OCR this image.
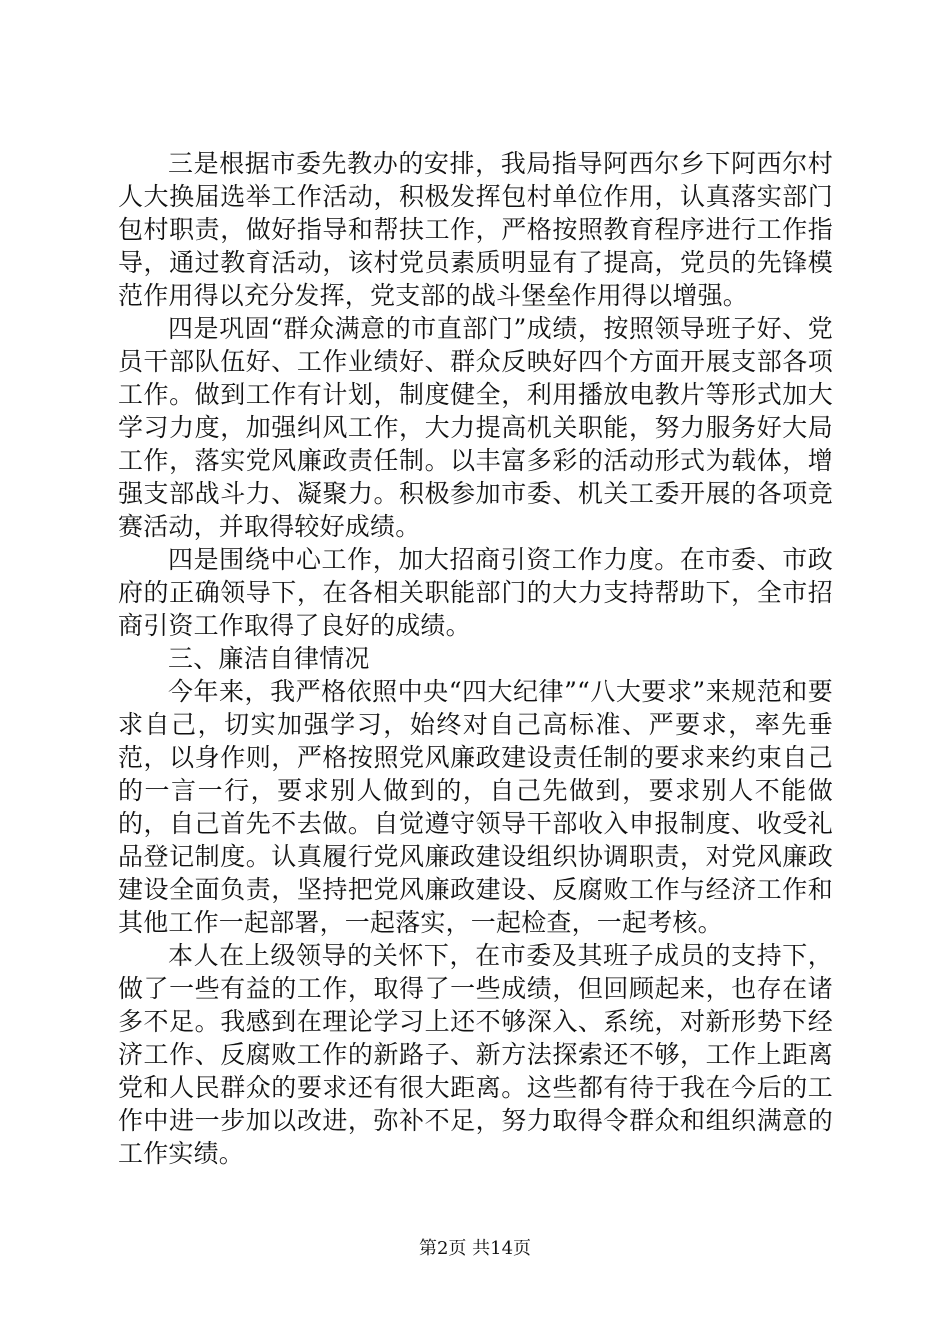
三是根据市委先教办的安排，我局指导阿西尔乡下阿西尔村人大换届选举工作活动，积极发挥包村单位作用，认真落实部门包村职责，做好指导和帮扶工作，严格按照教育程序进行工作指导，通过教育活动，该村党员素质明显有了提高，党员的先锋模范作用得以充分发挥，党支部的战斗堡垒作用得以增强。

四是巩固“群众满意的市直部门”成绩，按照领导班子好、党员干部队伍好、工作业绩好、群众反映好四个方面开展支部各项工作。做到工作有计划，制度健全，利用播放电教片等形式加大学习力度，加强纠风工作，大力提高机关职能，努力服务好大局工作，落实党风廉政责任制。以丰富多彩的活动形式为载体，增强支部战斗力、凝聚力。积极参加市委、机关工委开展的各项竞赛活动，并取得较好成绩。

四是围绕中心工作，加大招商引资工作力度。在市委、市政府的正确领导下，在各相关职能部门的大力支持帮助下，全市招商引资工作取得了良好的成绩。

三、廉洁自律情况

今年来，我严格依照中央“四大纪律”“八大要求”来规范和要求自己，切实加强学习，始终对自己高标准、严要求，率先垂范，以身作则，严格按照党风廉政建设责任制的要求来约束自己的一言一行，要求别人做到的，自己先做到，要求别人不能做的，自己首先不去做。自觉遵守领导干部收入申报制度、收受礼品登记制度。认真履行党风廉政建设组织协调职责，对党风廉政建设全面负责，坚持把党风廉政建设、反腐败工作与经济工作和其他工作一起部署，一起落实，一起检查，一起考核。

本人在上级领导的关怀下，在市委及其班子成员的支持下，做了一些有益的工作，取得了一些成绩，但回顾起来，也存在诸多不足。我感到在理论学习上还不够深入、系统，对新形势下经济工作、反腐败工作的新路子、新方法探索还不够，工作上距离党和人民群众的要求还有很大距离。这些都有待于我在今后的工作中进一步加以改进，弥补不足，努力取得令群众和组织满意的工作实绩。

第2页 共14页
